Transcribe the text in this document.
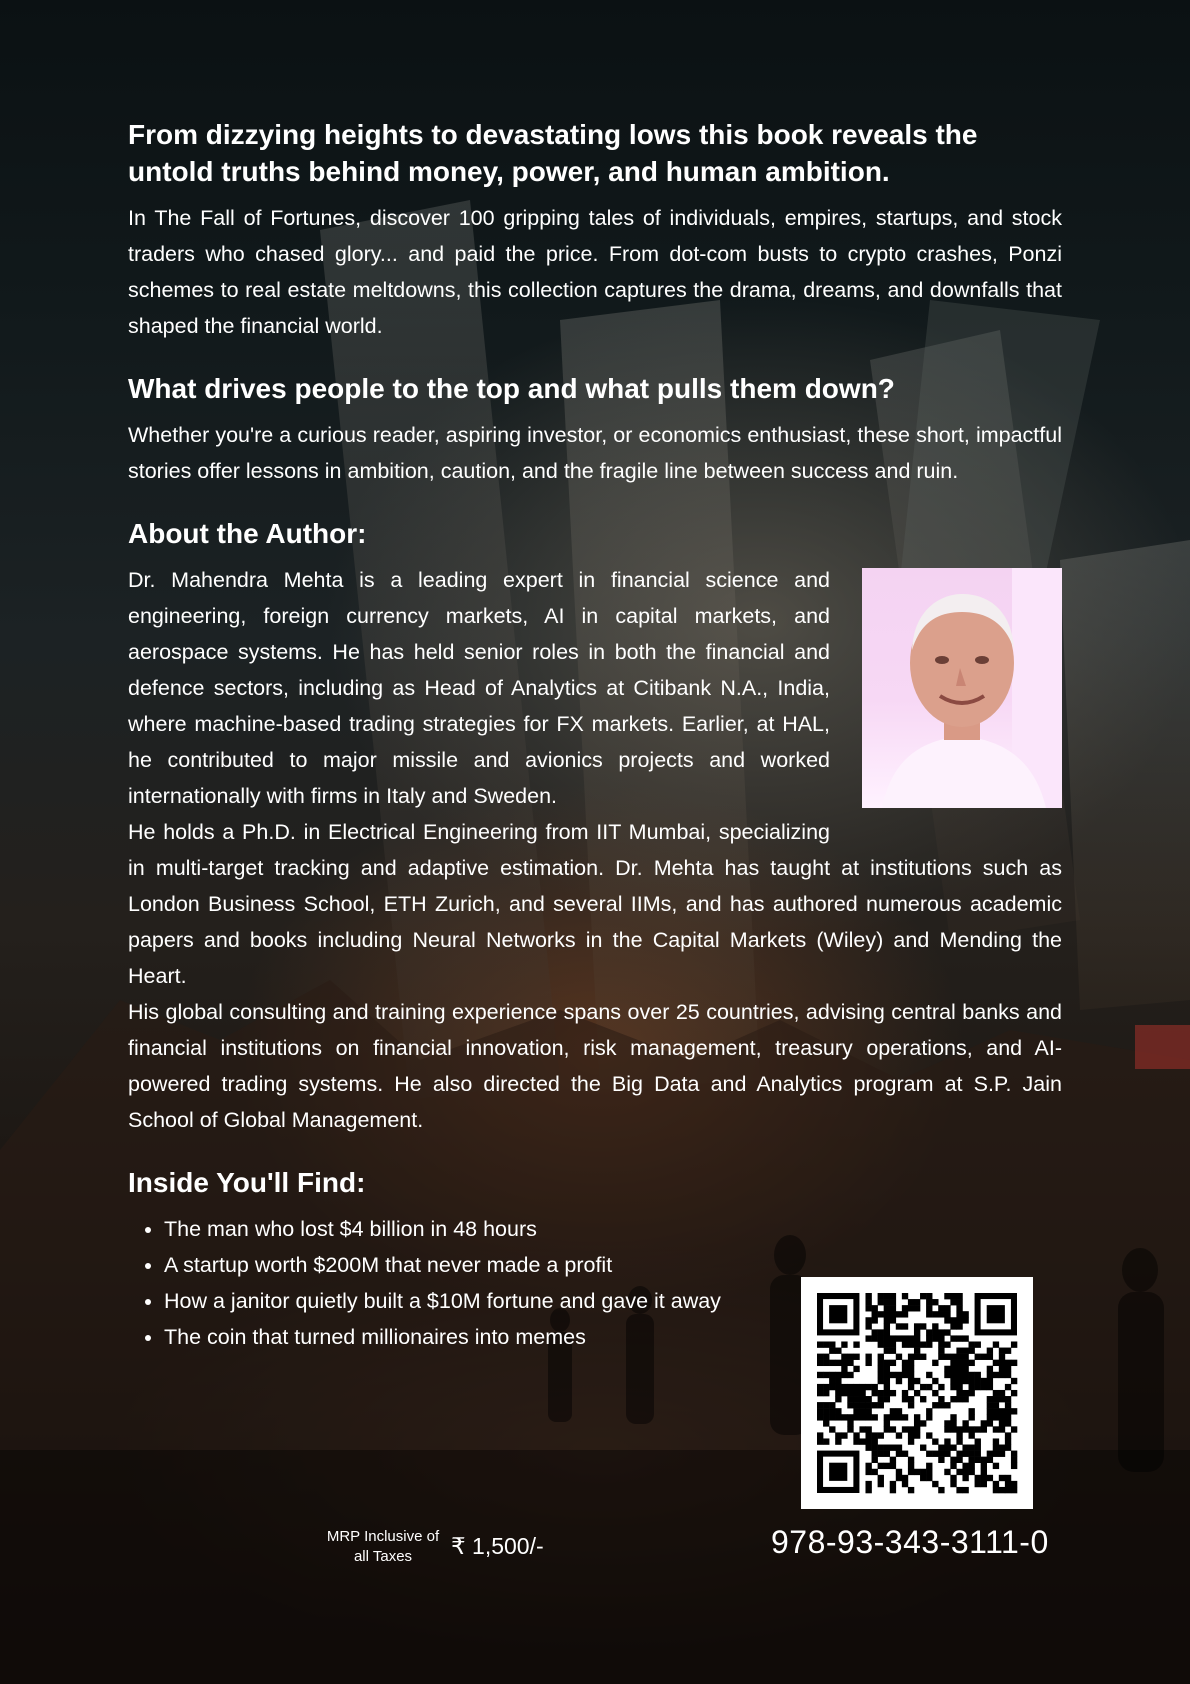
From dizzying heights to devastating lows this book reveals the untold truths behind money, power, and human ambition.

In The Fall of Fortunes, discover 100 gripping tales of individuals, empires, startups, and stock traders who chased glory... and paid the price. From dot-com busts to crypto crashes, Ponzi schemes to real estate meltdowns, this collection captures the drama, dreams, and downfalls that shaped the financial world.

What drives people to the top and what pulls them down?

Whether you're a curious reader, aspiring investor, or economics enthusiast, these short, impactful stories offer lessons in ambition, caution, and the fragile line between success and ruin.

About the Author:

Dr. Mahendra Mehta is a leading expert in financial science and engineering, foreign currency markets, AI in capital markets, and aerospace systems. He has held senior roles in both the financial and defence sectors, including as Head of Analytics at Citibank N.A., India, where machine-based trading strategies for FX markets. Earlier, at HAL, he contributed to major missile and avionics projects and worked internationally with firms in Italy and Sweden.

He holds a Ph.D. in Electrical Engineering from IIT Mumbai, specializing in multi-target tracking and adaptive estimation. Dr. Mehta has taught at institutions such as London Business School, ETH Zurich, and several IIMs, and has authored numerous academic papers and books including Neural Networks in the Capital Markets (Wiley) and Mending the Heart.

His global consulting and training experience spans over 25 countries, advising central banks and financial institutions on financial innovation, risk management, treasury operations, and AI-powered trading systems. He also directed the Big Data and Analytics program at S.P. Jain School of Global Management.

Inside You'll Find:
• The man who lost $4 billion in 48 hours
• A startup worth $200M that never made a profit
• How a janitor quietly built a $10M fortune and gave it away
• The coin that turned millionaires into memes
MRP Inclusive of all Taxes	₹ 1,500/-	978-93-343-3111-0
